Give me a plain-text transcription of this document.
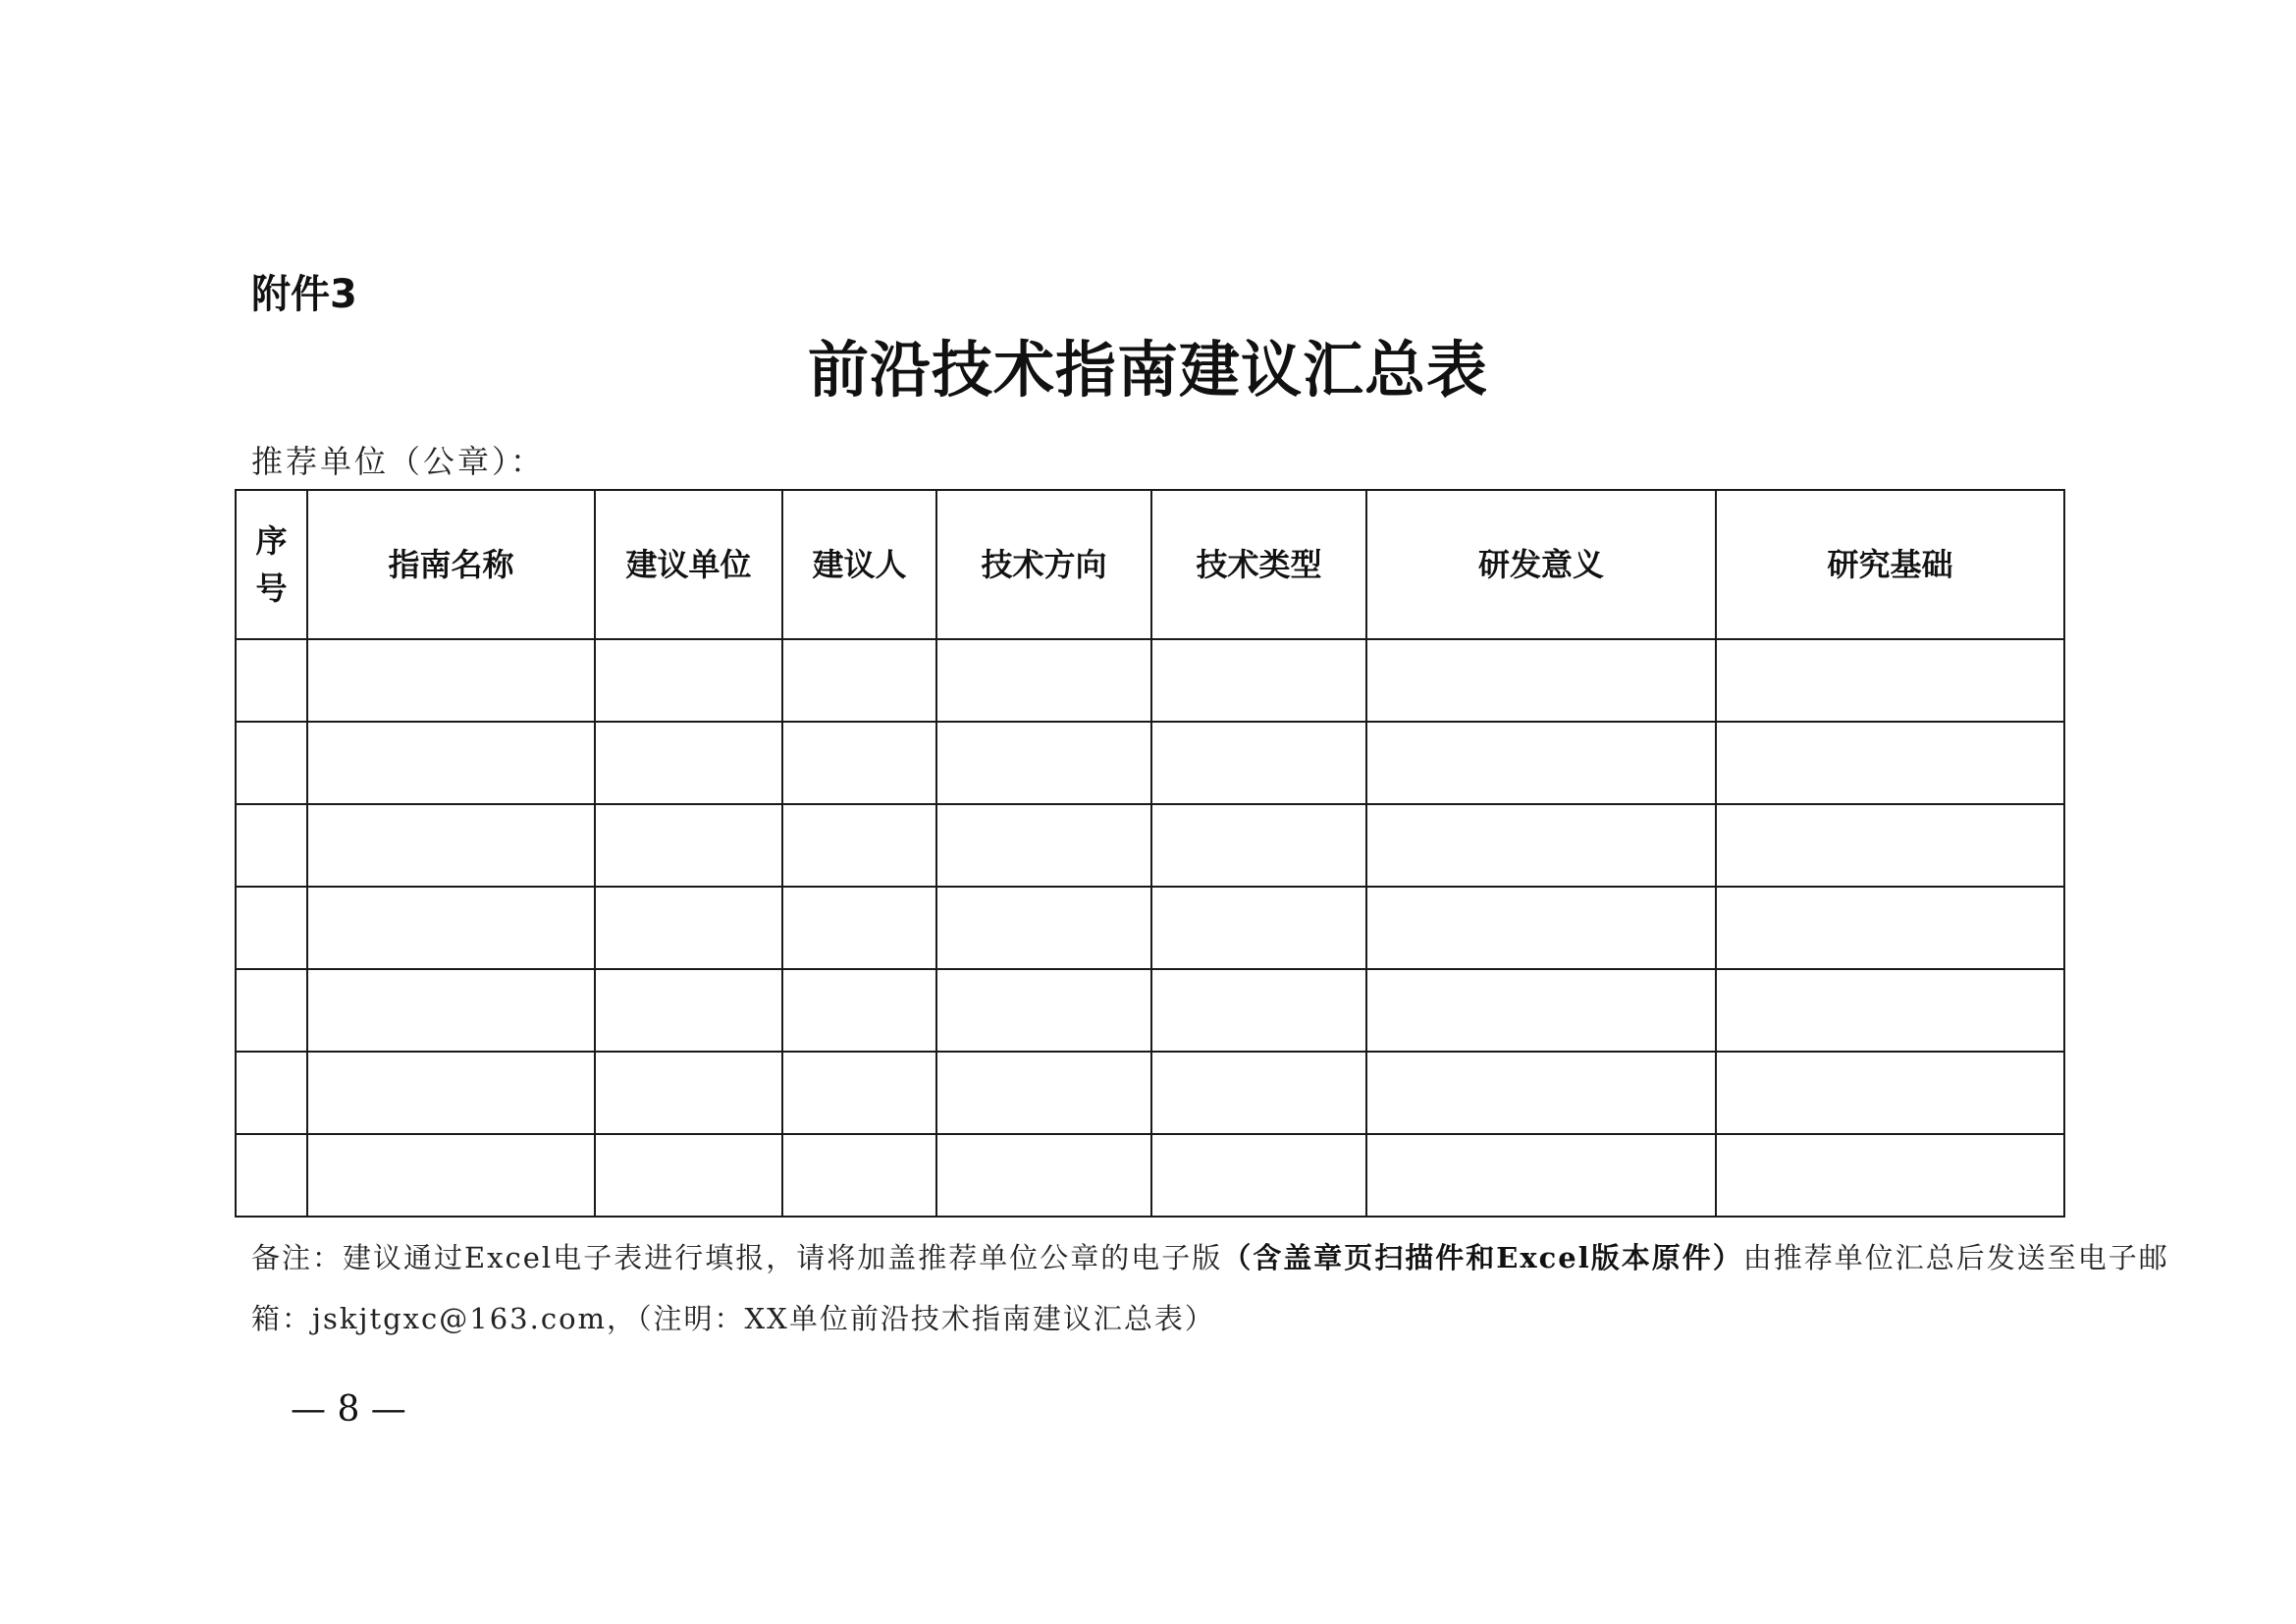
附件3
前沿技术指南建议汇总表
推荐单位（公章）：
序号	指南名称	建议单位	建议人	技术方向	技术类型	研发意义	研究基础

备注：建议通过Excel电子表进行填报，请将加盖推荐单位公章的电子版（含盖章页扫描件和Excel版本原件）由推荐单位汇总后发送至电子邮
箱：jskjtgxc@163.com，（注明：XX单位前沿技术指南建议汇总表）
— 8 —
